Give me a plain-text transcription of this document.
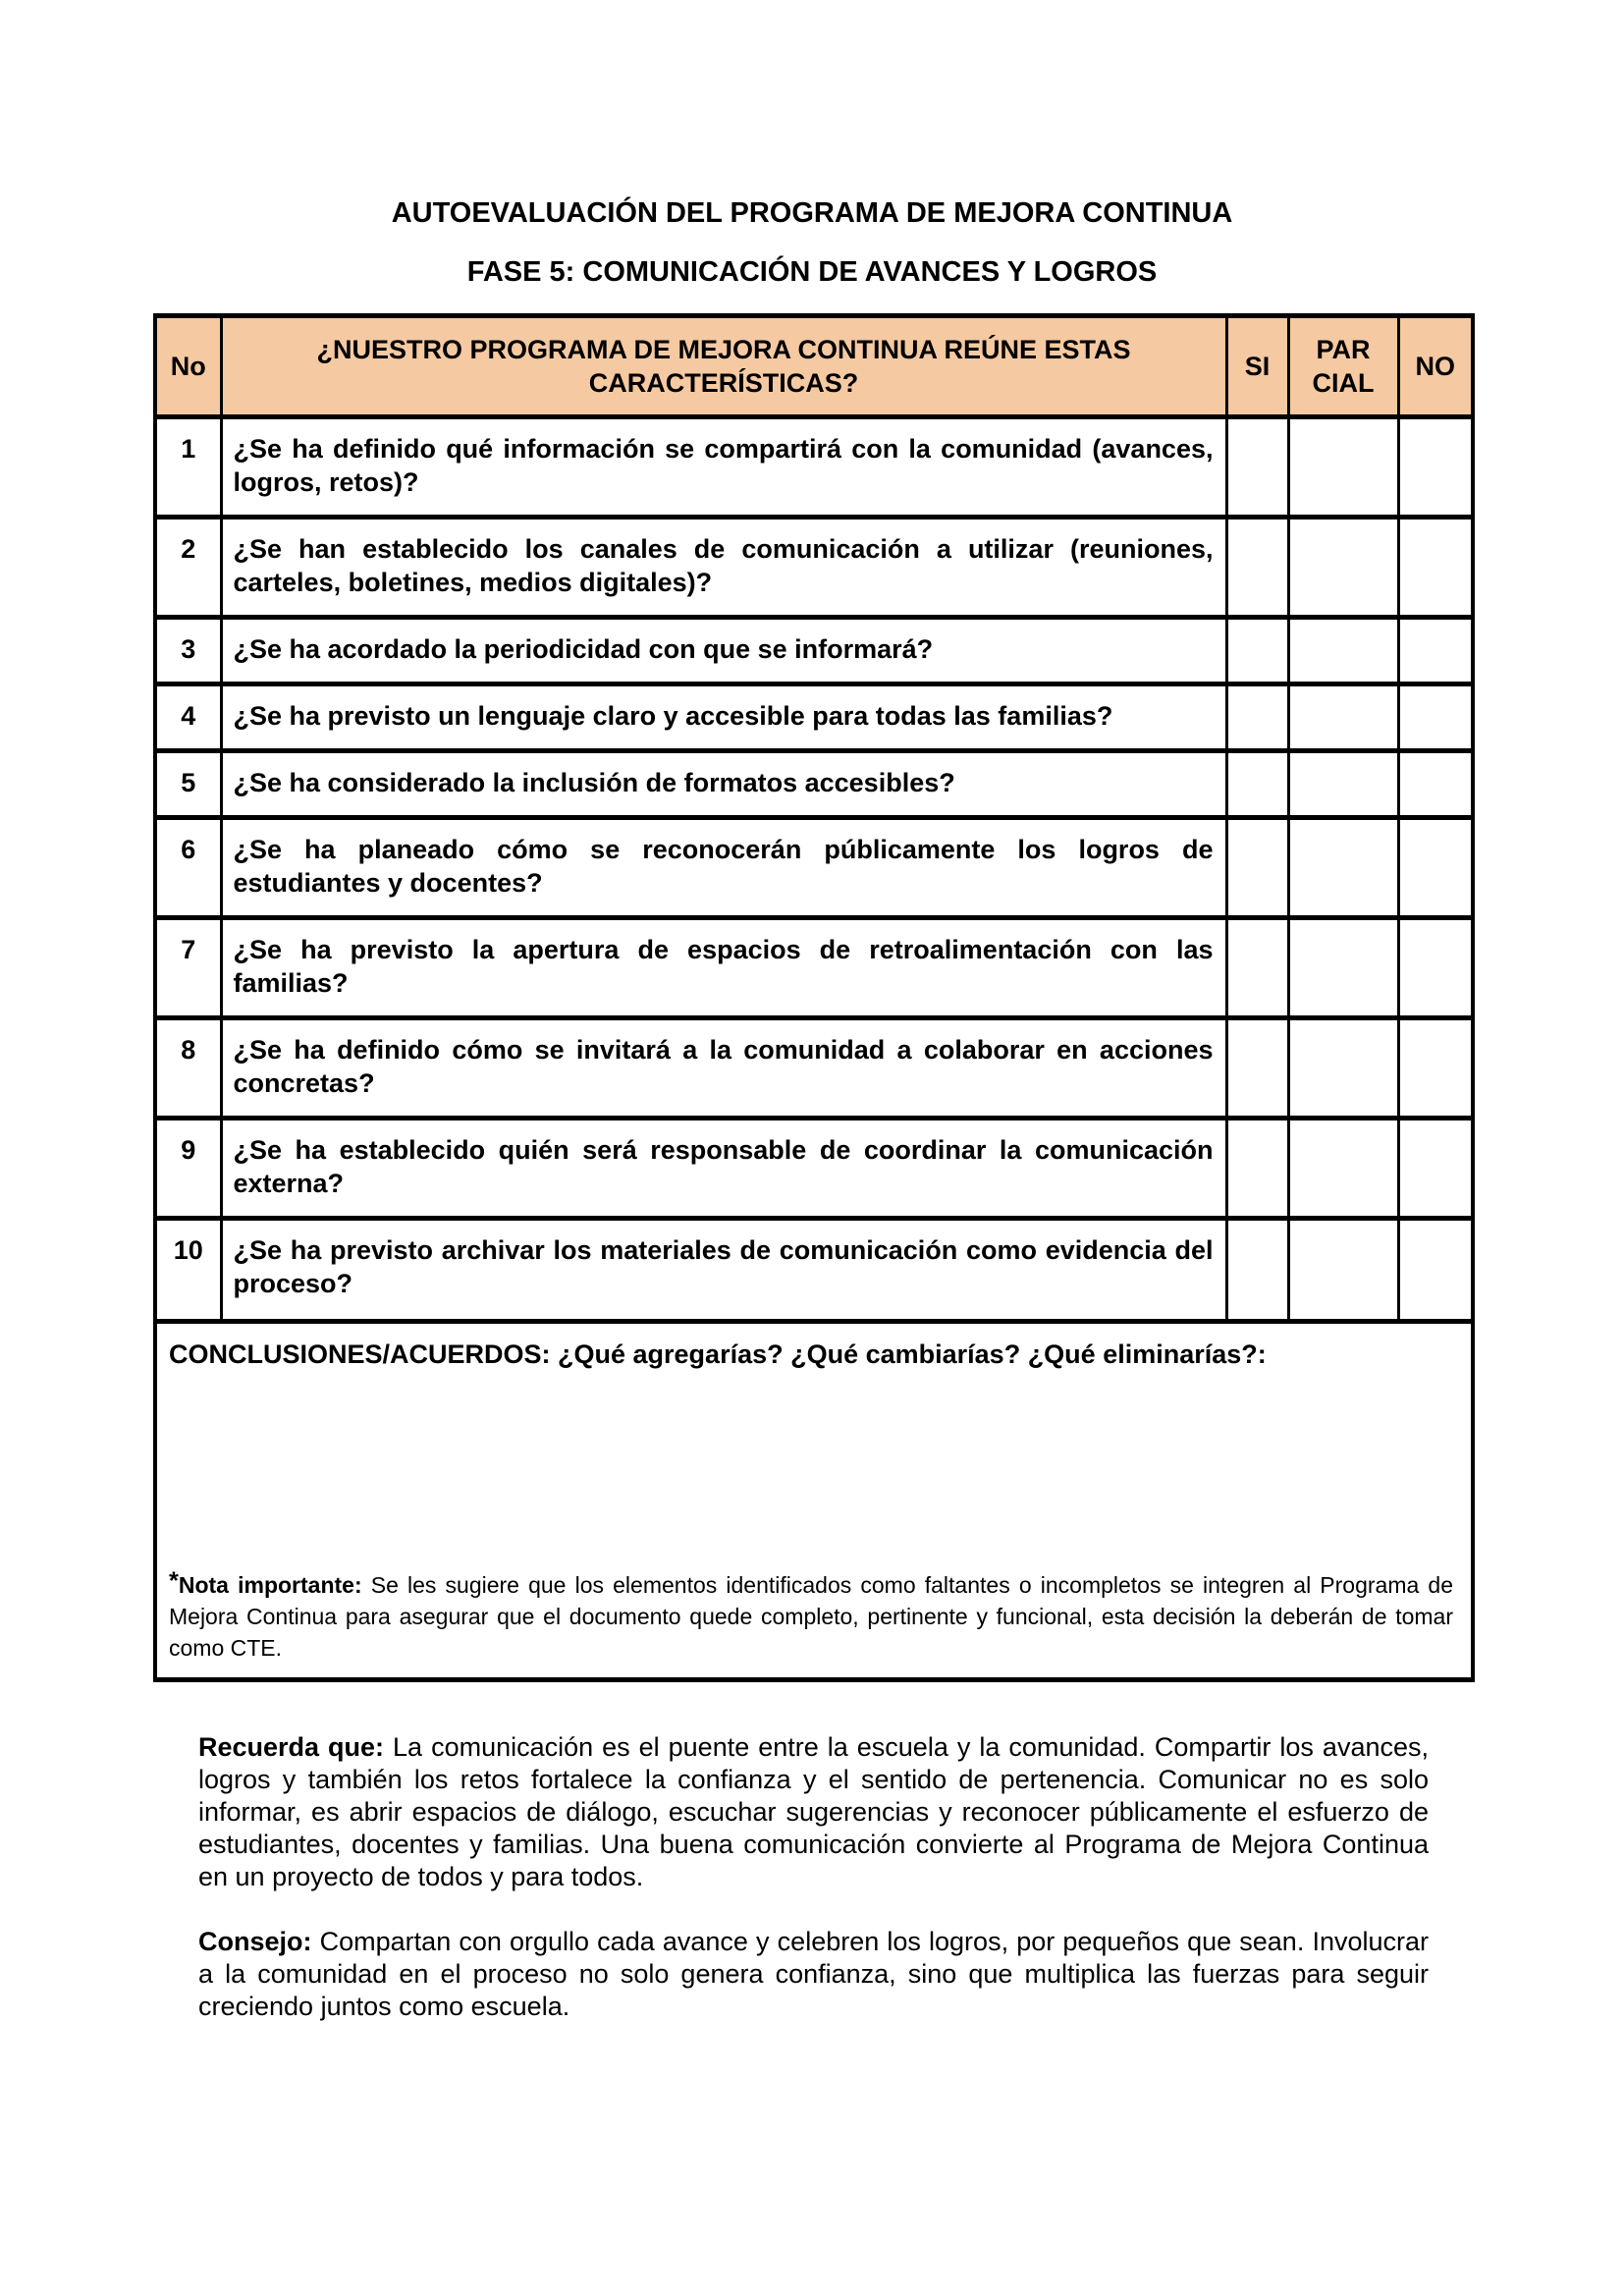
AUTOEVALUACIÓN DEL PROGRAMA DE MEJORA CONTINUA
FASE 5: COMUNICACIÓN DE AVANCES Y LOGROS
No	¿NUESTRO PROGRAMA DE MEJORA CONTINUA REÚNE ESTAS CARACTERÍSTICAS?	SI	PAR CIAL	NO
1	¿Se ha definido qué información se compartirá con la comunidad (avances, logros, retos)?			
2	¿Se han establecido los canales de comunicación a utilizar (reuniones, carteles, boletines, medios digitales)?			
3	¿Se ha acordado la periodicidad con que se informará?			
4	¿Se ha previsto un lenguaje claro y accesible para todas las familias?			
5	¿Se ha considerado la inclusión de formatos accesibles?			
6	¿Se ha planeado cómo se reconocerán públicamente los logros de estudiantes y docentes?			
7	¿Se ha previsto la apertura de espacios de retroalimentación con las familias?			
8	¿Se ha definido cómo se invitará a la comunidad a colaborar en acciones concretas?			
9	¿Se ha establecido quién será responsable de coordinar la comunicación externa?			
10	¿Se ha previsto archivar los materiales de comunicación como evidencia del proceso?			

CONCLUSIONES/ACUERDOS: ¿Qué agregarías? ¿Qué cambiarías? ¿Qué eliminarías?:
*Nota importante: Se les sugiere que los elementos identificados como faltantes o incompletos se integren al Programa de Mejora Continua para asegurar que el documento quede completo, pertinente y funcional, esta decisión la deberán de tomar como CTE.				

Recuerda que: La comunicación es el puente entre la escuela y la comunidad. Compartir los avances, logros y también los retos fortalece la confianza y el sentido de pertenencia. Comunicar no es solo informar, es abrir espacios de diálogo, escuchar sugerencias y reconocer públicamente el esfuerzo de estudiantes, docentes y familias. Una buena comunicación convierte al Programa de Mejora Continua en un proyecto de todos y para todos.

Consejo: Compartan con orgullo cada avance y celebren los logros, por pequeños que sean. Involucrar a la comunidad en el proceso no solo genera confianza, sino que multiplica las fuerzas para seguir creciendo juntos como escuela.
